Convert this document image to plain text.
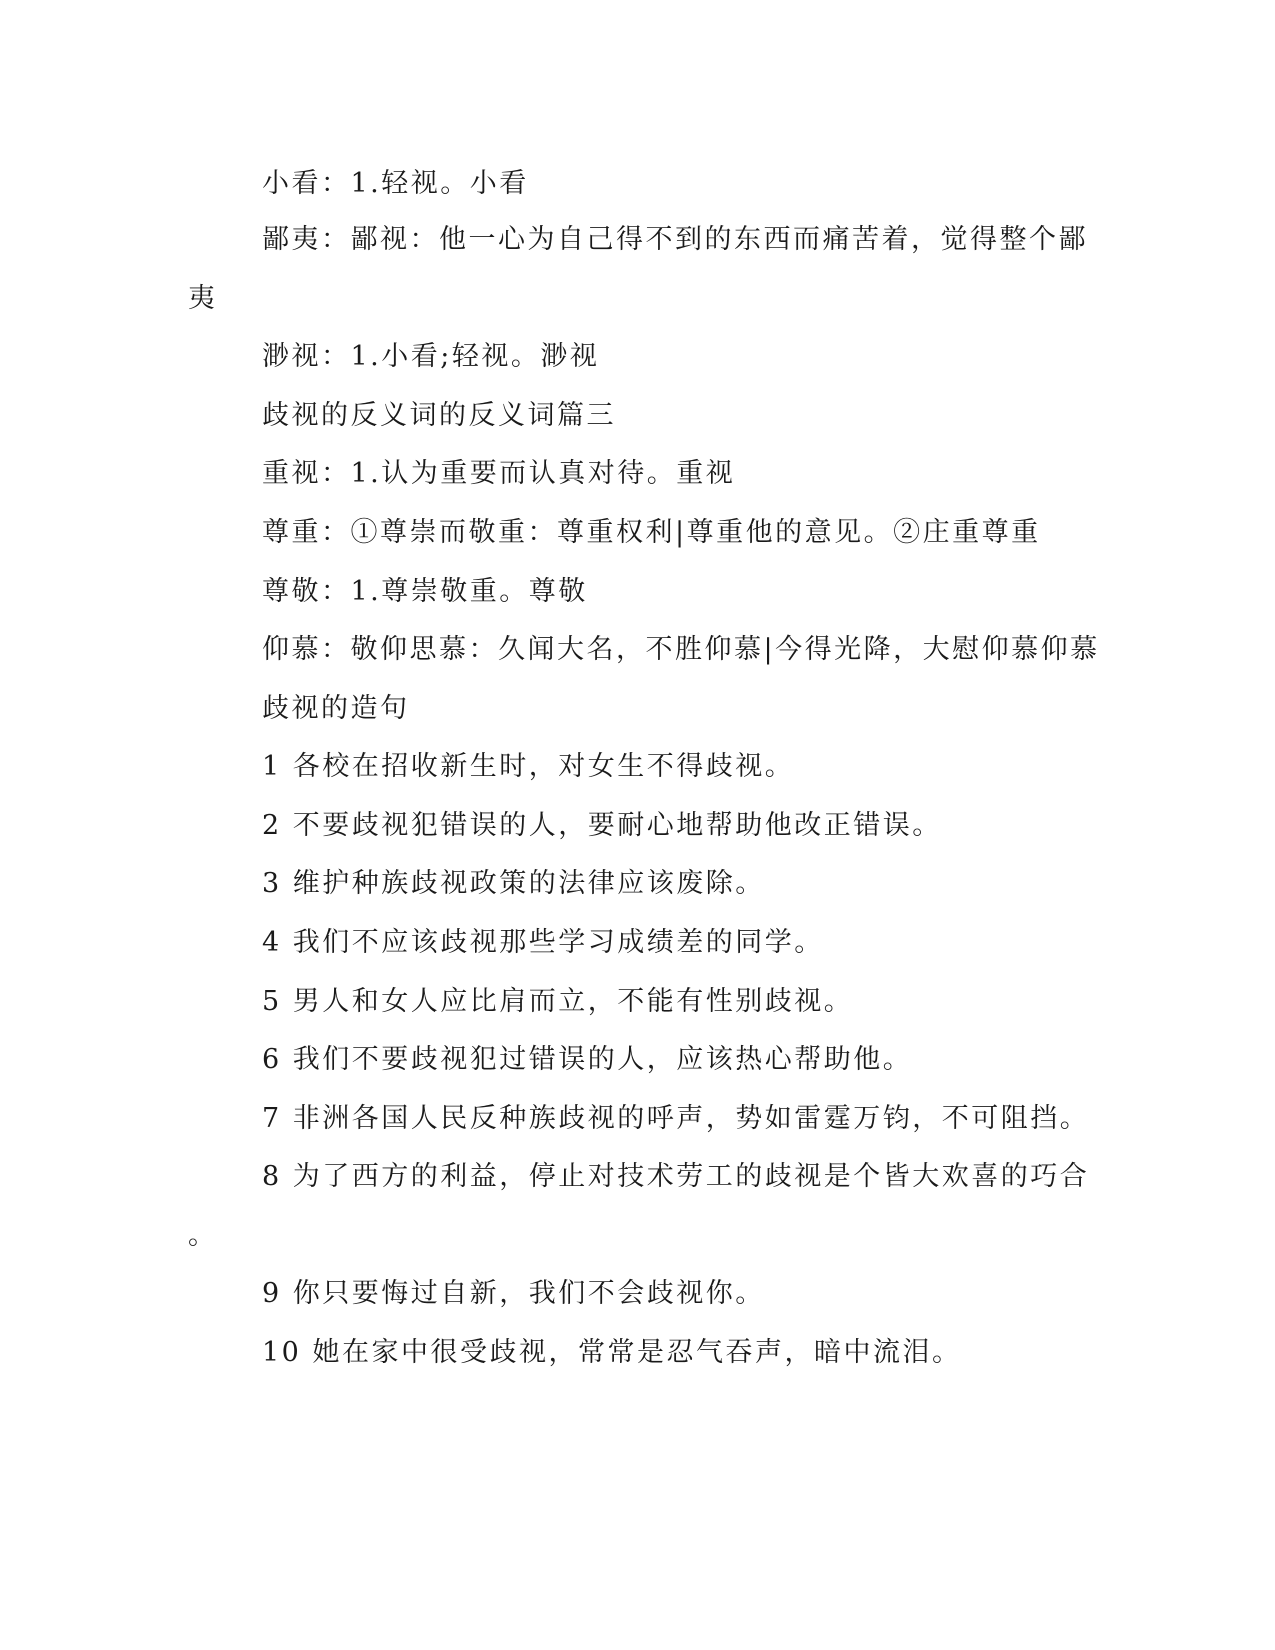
小看：1.轻视。小看
鄙夷：鄙视：他一心为自己得不到的东西而痛苦着，觉得整个鄙
夷
渺视：1.小看;轻视。渺视
歧视的反义词的反义词篇三
重视：1.认为重要而认真对待。重视
尊重：①尊崇而敬重：尊重权利|尊重他的意见。②庄重尊重
尊敬：1.尊崇敬重。尊敬
仰慕：敬仰思慕：久闻大名，不胜仰慕|今得光降，大慰仰慕仰慕
歧视的造句
1 各校在招收新生时，对女生不得歧视。
2 不要歧视犯错误的人，要耐心地帮助他改正错误。
3 维护种族歧视政策的法律应该废除。
4 我们不应该歧视那些学习成绩差的同学。
5 男人和女人应比肩而立，不能有性别歧视。
6 我们不要歧视犯过错误的人，应该热心帮助他。
7 非洲各国人民反种族歧视的呼声，势如雷霆万钧，不可阻挡。
8 为了西方的利益，停止对技术劳工的歧视是个皆大欢喜的巧合
。
9 你只要悔过自新，我们不会歧视你。
10 她在家中很受歧视，常常是忍气吞声，暗中流泪。
